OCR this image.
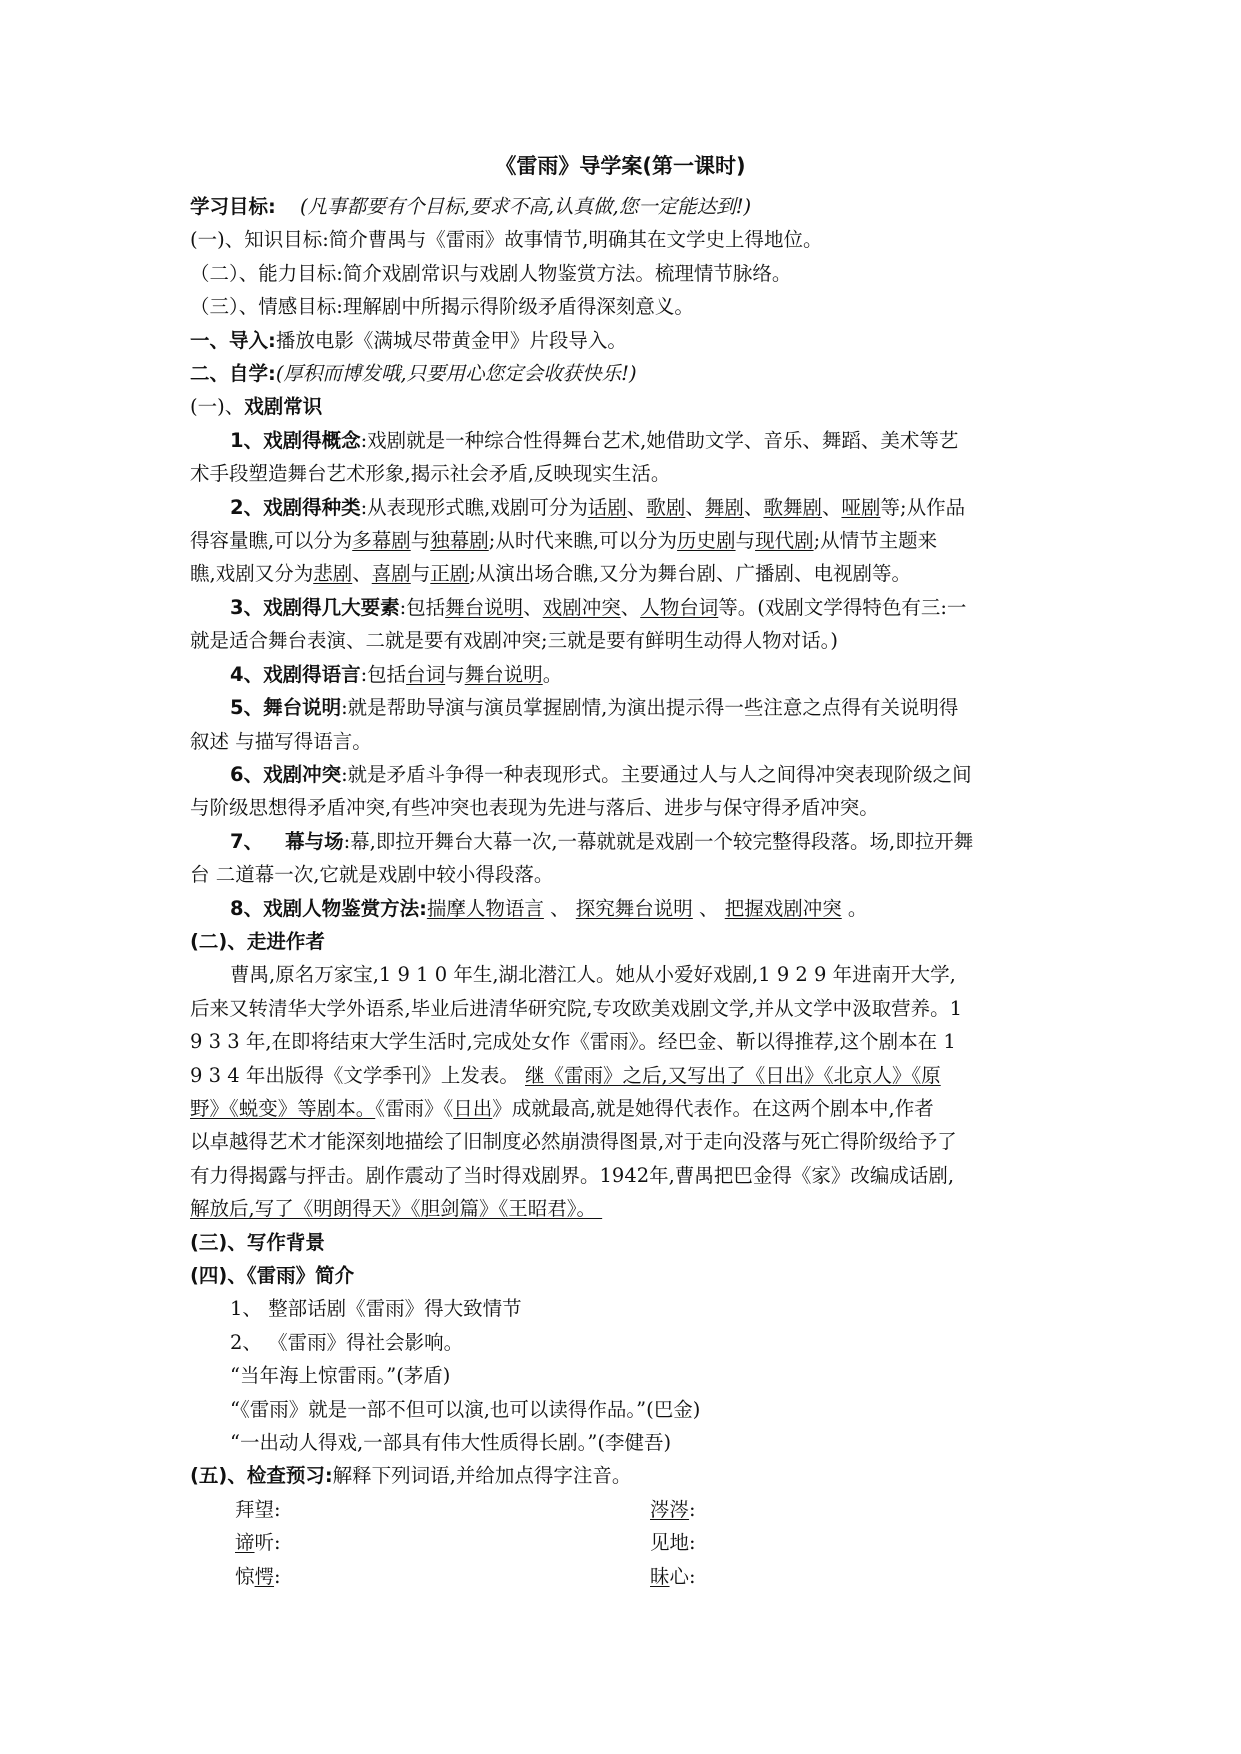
《雷雨》导学案(第一课时)
学习目标: (凡事都要有个目标,要求不高,认真做,您一定能达到!)
(一)、知识目标:简介曹禺与《雷雨》故事情节,明确其在文学史上得地位。
（二）、能力目标:简介戏剧常识与戏剧人物鉴赏方法。梳理情节脉络。
（三）、情感目标:理解剧中所揭示得阶级矛盾得深刻意义。
一、导入:播放电影《满城尽带黄金甲》片段导入。
二、自学:(厚积而博发哦,只要用心您定会收获快乐!)
(一)、戏剧常识
1、戏剧得概念:戏剧就是一种综合性得舞台艺术,她借助文学、音乐、舞蹈、美术等艺
术手段塑造舞台艺术形象,揭示社会矛盾,反映现实生活。
2、戏剧得种类:从表现形式瞧,戏剧可分为话剧、歌剧、舞剧、歌舞剧、哑剧等;从作品
得容量瞧,可以分为多幕剧与独幕剧;从时代来瞧,可以分为历史剧与现代剧;从情节主题来
瞧,戏剧又分为悲剧、喜剧与正剧;从演出场合瞧,又分为舞台剧、广播剧、电视剧等。
3、戏剧得几大要素:包括舞台说明、戏剧冲突、人物台词等。(戏剧文学得特色有三:一
就是适合舞台表演、二就是要有戏剧冲突;三就是要有鲜明生动得人物对话。)
4、戏剧得语言:包括台词与舞台说明。
5、舞台说明:就是帮助导演与演员掌握剧情,为演出提示得一些注意之点得有关说明得
叙述 与描写得语言。
6、戏剧冲突:就是矛盾斗争得一种表现形式。主要通过人与人之间得冲突表现阶级之间
与阶级思想得矛盾冲突,有些冲突也表现为先进与落后、进步与保守得矛盾冲突。
7、 幕与场:幕,即拉开舞台大幕一次,一幕就就是戏剧一个较完整得段落。场,即拉开舞
台 二道幕一次,它就是戏剧中较小得段落。
8、戏剧人物鉴赏方法:揣摩人物语言 、 探究舞台说明 、 把握戏剧冲突 。
(二)、走进作者
曹禺,原名万家宝,1 9 1 0 年生,湖北潜江人。她从小爱好戏剧,1 9 2 9 年进南开大学,
后来又转清华大学外语系,毕业后进清华研究院,专攻欧美戏剧文学,并从文学中汲取营养。1
9 3 3 年,在即将结束大学生活时,完成处女作《雷雨》。经巴金、靳以得推荐,这个剧本在 1
9 3 4 年出版得《文学季刊》上发表。 继《雷雨》之后,又写出了《日出》《北京人》《原
野》《蜕变》等剧本。《雷雨》《日出》成就最高,就是她得代表作。在这两个剧本中,作者
以卓越得艺术才能深刻地描绘了旧制度必然崩溃得图景,对于走向没落与死亡得阶级给予了
有力得揭露与抨击。剧作震动了当时得戏剧界。1942年,曹禺把巴金得《家》改编成话剧,
解放后,写了《明朗得天》《胆剑篇》《王昭君》。
(三)、写作背景
(四)、《雷雨》简介
1、 整部话剧《雷雨》得大致情节
2、 《雷雨》得社会影响。
“当年海上惊雷雨。”(茅盾)
“《雷雨》就是一部不但可以演,也可以读得作品。”(巴金)
“一出动人得戏,一部具有伟大性质得长剧。”(李健吾)
(五)、检查预习:解释下列词语,并给加点得字注音。
拜望:	涔涔:
谛听:	见地:
惊愕:	昧心:
